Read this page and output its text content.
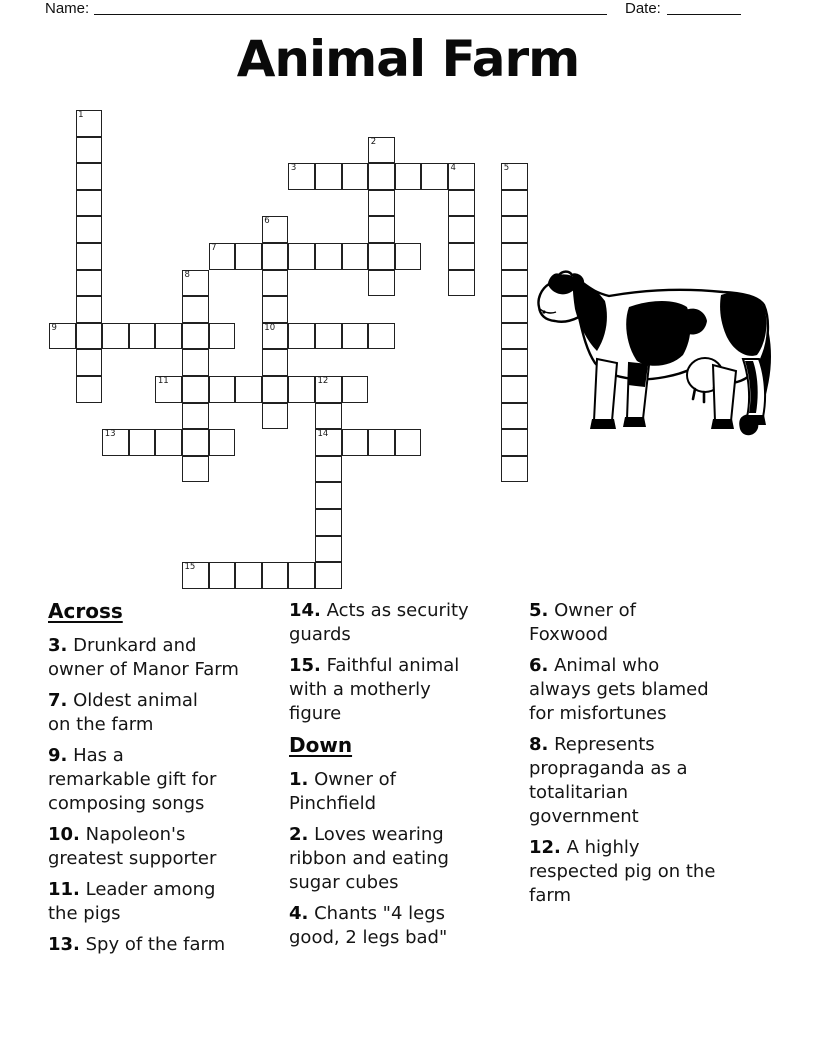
Name:	Date:
Animal Farm
1
2
3	4	5
6
10
7
8
9
11	12
14
13
15
Across

3. Drunkard and
owner of Manor Farm

7. Oldest animal
on the farm

9. Has a
remarkable gift for
composing songs

10. Napoleon's
greatest supporter

11. Leader among
the pigs

13. Spy of the farm

14. Acts as security
guards

15. Faithful animal
with a motherly
figure

Down

1. Owner of
Pinchfield

2. Loves wearing
ribbon and eating
sugar cubes

4. Chants "4 legs
good, 2 legs bad"

5. Owner of
Foxwood

6. Animal who
always gets blamed
for misfortunes

8. Represents
propraganda as a
totalitarian
government

12. A highly
respected pig on the
farm
